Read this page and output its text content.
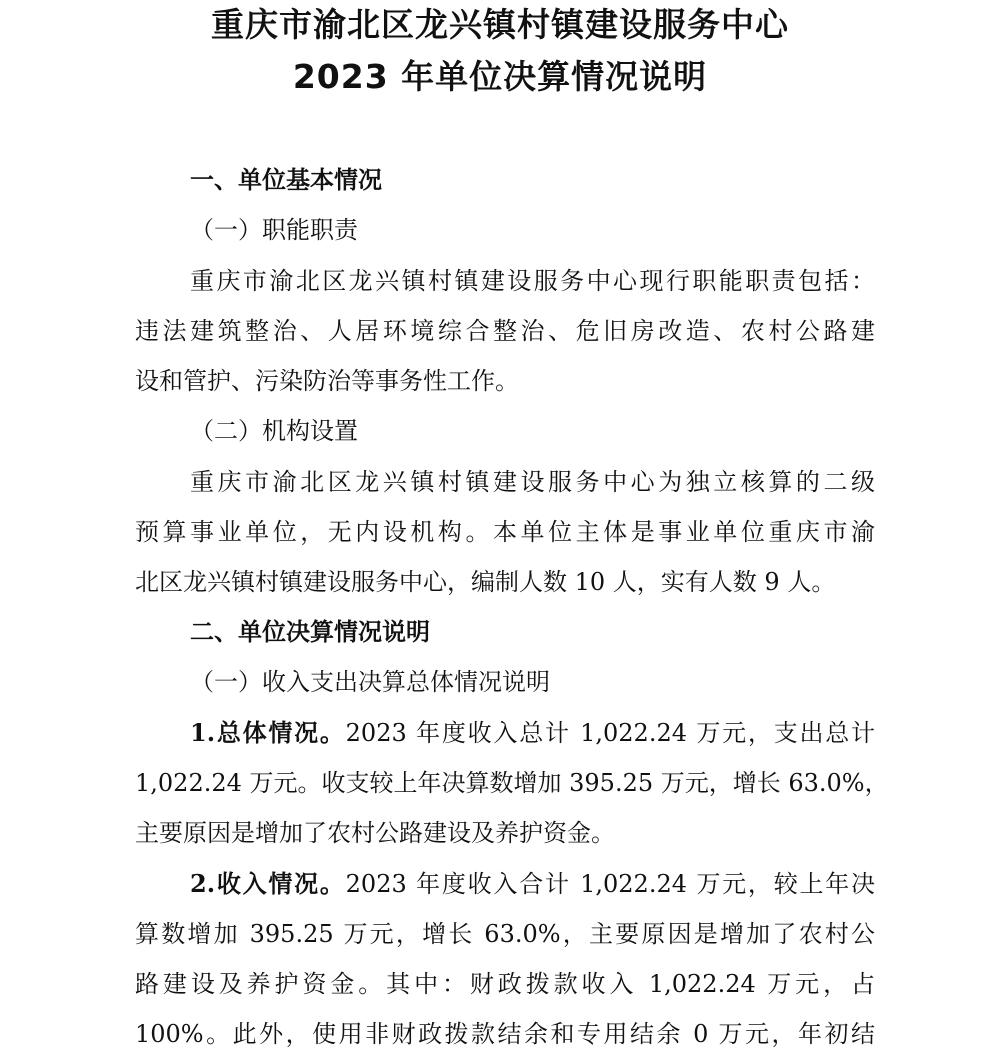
重庆市渝北区龙兴镇村镇建设服务中心
2023 年单位决算情况说明
一、单位基本情况
（一）职能职责
重庆市渝北区龙兴镇村镇建设服务中心现行职能职责包括：
违法建筑整治、人居环境综合整治、危旧房改造、农村公路建
设和管护、污染防治等事务性工作。
（二）机构设置
重庆市渝北区龙兴镇村镇建设服务中心为独立核算的二级
预算事业单位，无内设机构。本单位主体是事业单位重庆市渝
北区龙兴镇村镇建设服务中心，编制人数 10 人，实有人数 9 人。
二、单位决算情况说明
（一）收入支出决算总体情况说明
1.总体情况。2023 年度收入总计 1,022.24 万元，支出总计
1,022.24 万元。收支较上年决算数增加 395.25 万元，增长 63.0%，
主要原因是增加了农村公路建设及养护资金。
2.收入情况。2023 年度收入合计 1,022.24 万元，较上年决
算数增加 395.25 万元，增长 63.0%，主要原因是增加了农村公
路建设及养护资金。其中：财政拨款收入 1,022.24 万元，占
100%。此外，使用非财政拨款结余和专用结余 0 万元，年初结
